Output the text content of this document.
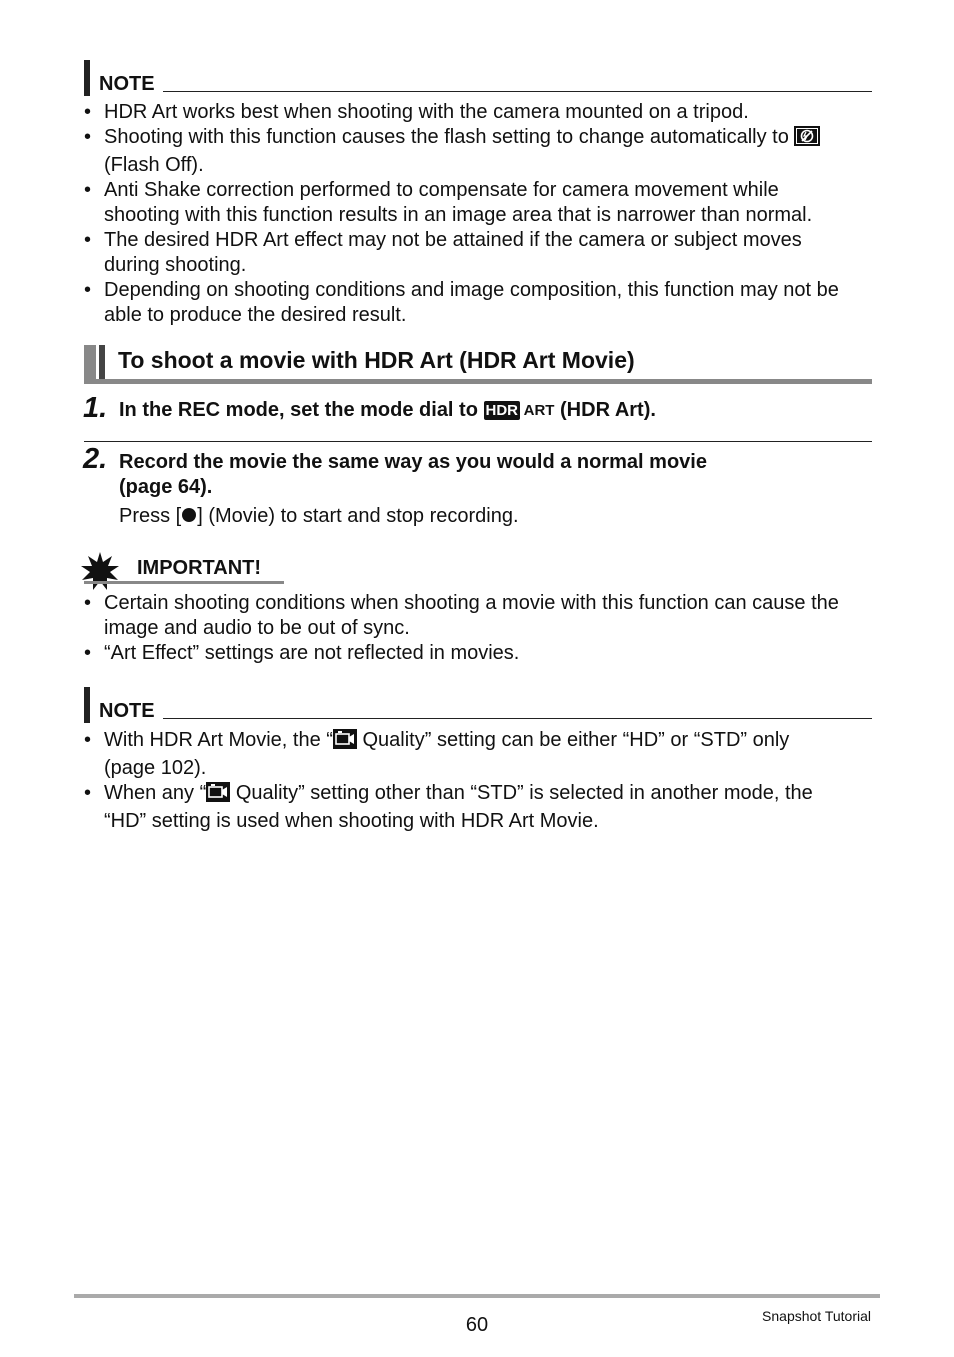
NOTE
• HDR Art works best when shooting with the camera mounted on a tripod.
• Shooting with this function causes the flash setting to change automatically to
(Flash Off).
• Anti Shake correction performed to compensate for camera movement while
shooting with this function results in an image area that is narrower than normal.
• The desired HDR Art effect may not be attained if the camera or subject moves
during shooting.
• Depending on shooting conditions and image composition, this function may not be
able to produce the desired result.
To shoot a movie with HDR Art (HDR Art Movie)
1. In the REC mode, set the mode dial to HDR ART (HDR Art).
2. Record the movie the same way as you would a normal movie
(page 64).
Press [ ] (Movie) to start and stop recording.
IMPORTANT!
• Certain shooting conditions when shooting a movie with this function can cause the
image and audio to be out of sync.
• “Art Effect” settings are not reflected in movies.
NOTE
• With HDR Art Movie, the “ Quality” setting can be either “HD” or “STD” only
(page 102).
• When any “ Quality” setting other than “STD” is selected in another mode, the
“HD” setting is used when shooting with HDR Art Movie.
60	Snapshot Tutorial
